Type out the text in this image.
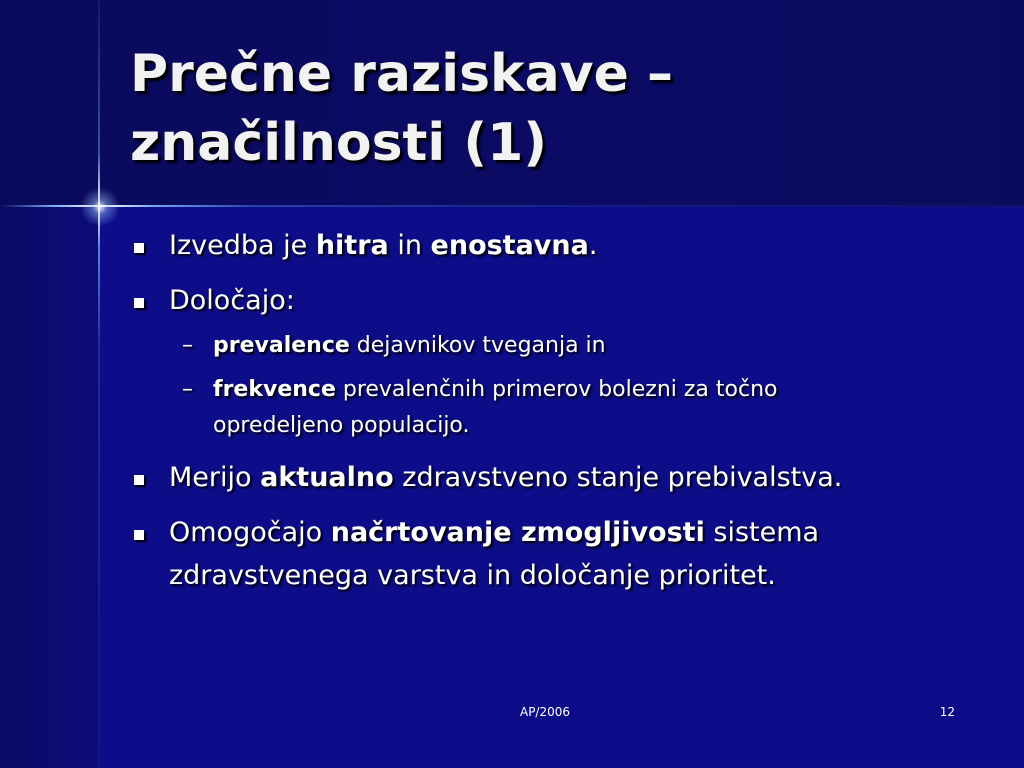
Prečne raziskave –
značilnosti (1)
Izvedba je hitra in enostavna.
Določajo:
– prevalence dejavnikov tveganja in
– frekvence prevalenčnih primerov bolezni za točno opredeljeno populacijo.
Merijo aktualno zdravstveno stanje prebivalstva.
Omogočajo načrtovanje zmogljivosti sistema zdravstvenega varstva in določanje prioritet.
AP/2006	12
